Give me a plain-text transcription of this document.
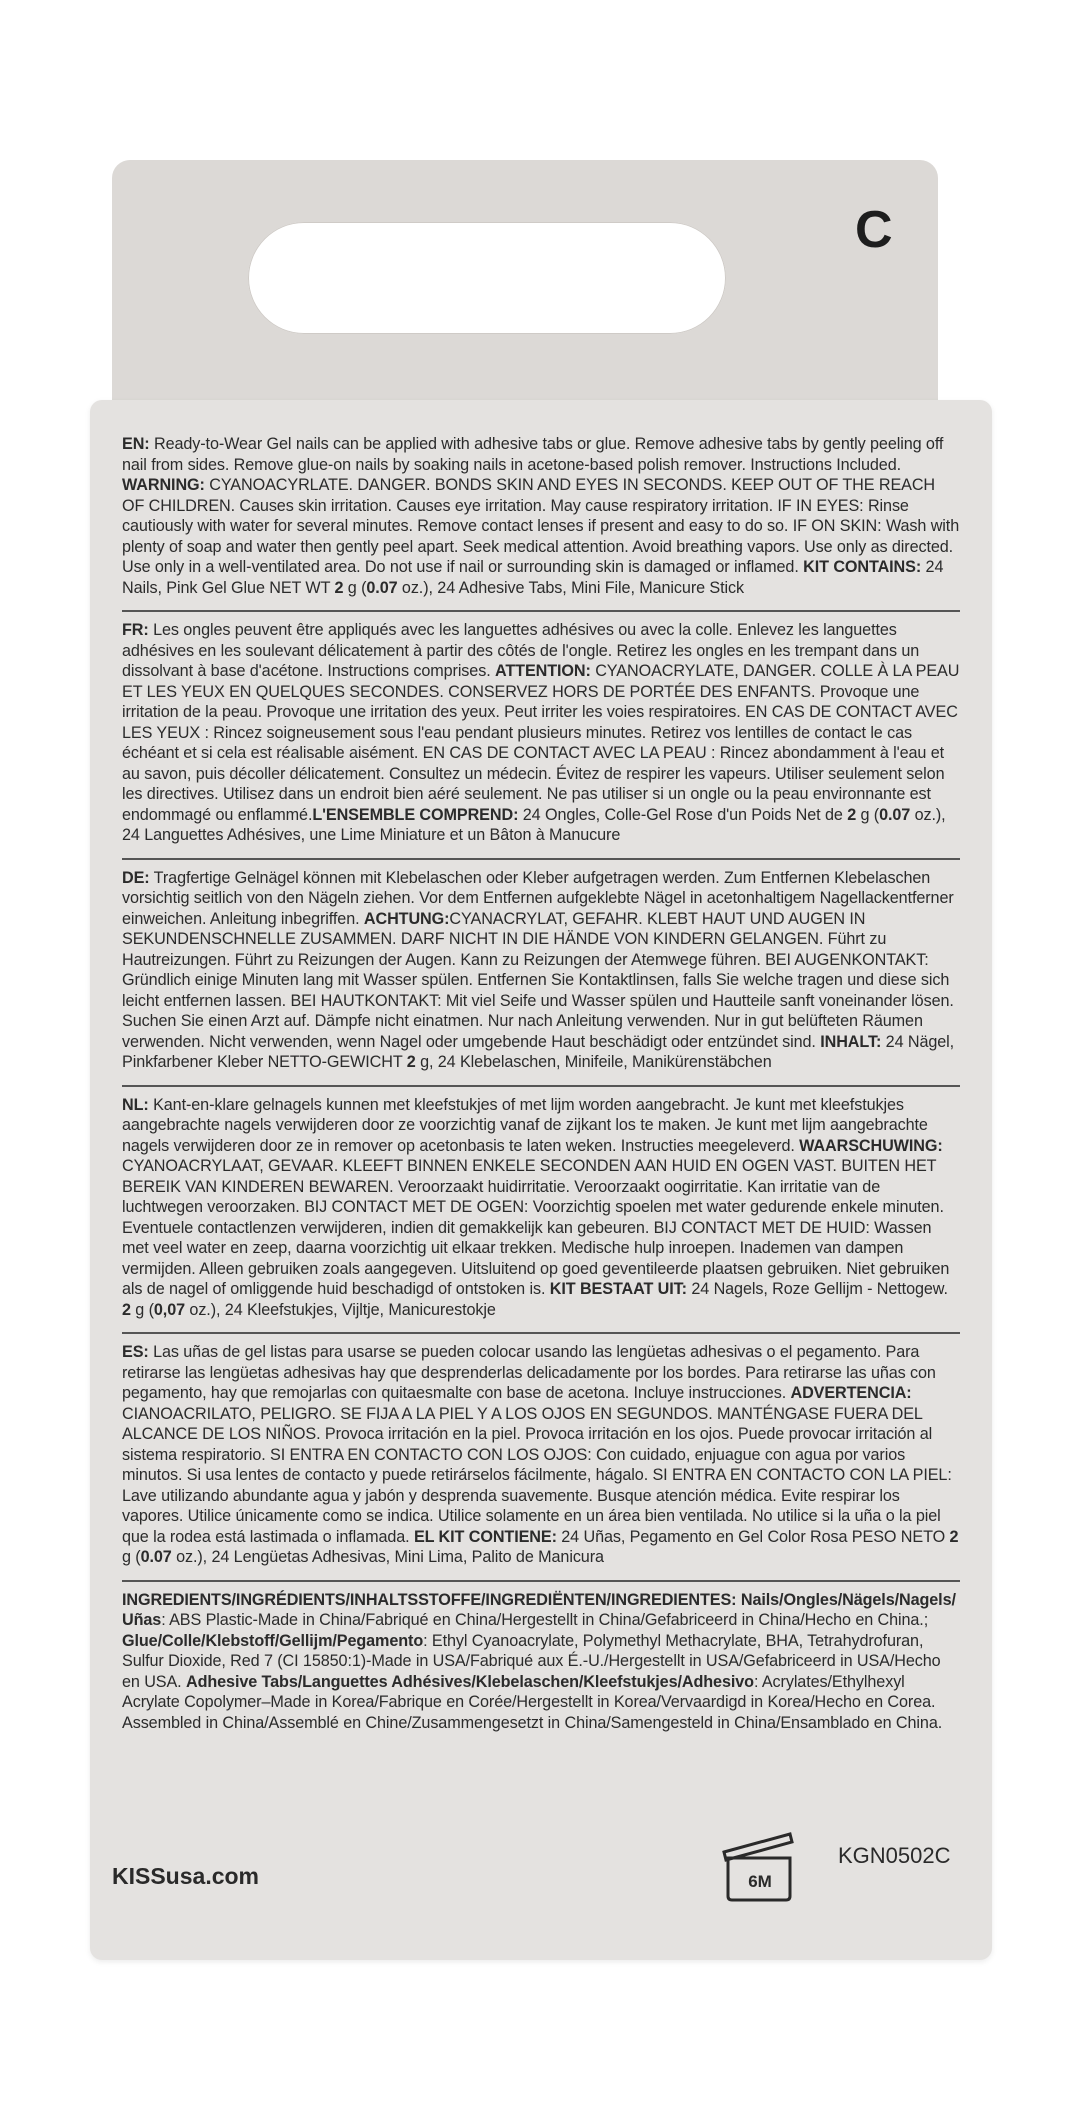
C
EN: Ready-to-Wear Gel nails can be applied with adhesive tabs or glue. Remove adhesive tabs by gently peeling off nail from sides. Remove glue-on nails by soaking nails in acetone-based polish remover. Instructions Included. WARNING: CYANOACYRLATE. DANGER. BONDS SKIN AND EYES IN SECONDS. KEEP OUT OF THE REACH OF CHILDREN. Causes skin irritation. Causes eye irritation. May cause respiratory irritation. IF IN EYES: Rinse cautiously with water for several minutes. Remove contact lenses if present and easy to do so. IF ON SKIN: Wash with plenty of soap and water then gently peel apart. Seek medical attention. Avoid breathing vapors. Use only as directed. Use only in a well-ventilated area. Do not use if nail or surrounding skin is damaged or inflamed. KIT CONTAINS: 24 Nails, Pink Gel Glue NET WT 2 g (0.07 oz.), 24 Adhesive Tabs, Mini File, Manicure Stick
FR: Les ongles peuvent être appliqués avec les languettes adhésives ou avec la colle. Enlevez les languettes adhésives en les soulevant délicatement à partir des côtés de l'ongle. Retirez les ongles en les trempant dans un dissolvant à base d'acétone. Instructions comprises. ATTENTION: CYANOACRYLATE, DANGER. COLLE À LA PEAU ET LES YEUX EN QUELQUES SECONDES. CONSERVEZ HORS DE PORTÉE DES ENFANTS. Provoque une irritation de la peau. Provoque une irritation des yeux. Peut irriter les voies respiratoires. EN CAS DE CONTACT AVEC LES YEUX : Rincez soigneusement sous l'eau pendant plusieurs minutes. Retirez vos lentilles de contact le cas échéant et si cela est réalisable aisément. EN CAS DE CONTACT AVEC LA PEAU : Rincez abondamment à l'eau et au savon, puis décoller délicatement. Consultez un médecin. Évitez de respirer les vapeurs. Utiliser seulement selon les directives. Utilisez dans un endroit bien aéré seulement. Ne pas utiliser si un ongle ou la peau environnante est endommagé ou enflammé.L'ENSEMBLE COMPREND: 24 Ongles, Colle-Gel Rose d'un Poids Net de 2 g (0.07 oz.), 24 Languettes Adhésives, une Lime Miniature et un Bâton à Manucure
DE: Tragfertige Gelnägel können mit Klebelaschen oder Kleber aufgetragen werden. Zum Entfernen Klebelaschen vorsichtig seitlich von den Nägeln ziehen. Vor dem Entfernen aufgeklebte Nägel in acetonhaltigem Nagellackentferner einweichen. Anleitung inbegriffen. ACHTUNG:CYANACRYLAT, GEFAHR. KLEBT HAUT UND AUGEN IN SEKUNDENSCHNELLE ZUSAMMEN. DARF NICHT IN DIE HÄNDE VON KINDERN GELANGEN. Führt zu Hautreizungen. Führt zu Reizungen der Augen. Kann zu Reizungen der Atemwege führen. BEI AUGENKONTAKT: Gründlich einige Minuten lang mit Wasser spülen. Entfernen Sie Kontaktlinsen, falls Sie welche tragen und diese sich leicht entfernen lassen. BEI HAUTKONTAKT: Mit viel Seife und Wasser spülen und Hautteile sanft voneinander lösen. Suchen Sie einen Arzt auf. Dämpfe nicht einatmen. Nur nach Anleitung verwenden. Nur in gut belüfteten Räumen verwenden. Nicht verwenden, wenn Nagel oder umgebende Haut beschädigt oder entzündet sind. INHALT: 24 Nägel, Pinkfarbener Kleber NETTO-GEWICHT 2 g, 24 Klebelaschen, Minifeile, Manikürenstäbchen
NL: Kant-en-klare gelnagels kunnen met kleefstukjes of met lijm worden aangebracht. Je kunt met kleefstukjes aangebrachte nagels verwijderen door ze voorzichtig vanaf de zijkant los te maken. Je kunt met lijm aangebrachte nagels verwijderen door ze in remover op acetonbasis te laten weken. Instructies meegeleverd. WAARSCHUWING: CYANOACRYLAAT, GEVAAR. KLEEFT BINNEN ENKELE SECONDEN AAN HUID EN OGEN VAST. BUITEN HET BEREIK VAN KINDEREN BEWAREN. Veroorzaakt huidirritatie. Veroorzaakt oogirritatie. Kan irritatie van de luchtwegen veroorzaken. BIJ CONTACT MET DE OGEN: Voorzichtig spoelen met water gedurende enkele minuten. Eventuele contactlenzen verwijderen, indien dit gemakkelijk kan gebeuren. BIJ CONTACT MET DE HUID: Wassen met veel water en zeep, daarna voorzichtig uit elkaar trekken. Medische hulp inroepen. Inademen van dampen vermijden. Alleen gebruiken zoals aangegeven. Uitsluitend op goed geventileerde plaatsen gebruiken. Niet gebruiken als de nagel of omliggende huid beschadigd of ontstoken is. KIT BESTAAT UIT: 24 Nagels, Roze Gellijm - Nettogew. 2 g (0,07 oz.), 24 Kleefstukjes, Vijltje, Manicurestokje
ES: Las uñas de gel listas para usarse se pueden colocar usando las lengüetas adhesivas o el pegamento. Para retirarse las lengüetas adhesivas hay que desprenderlas delicadamente por los bordes. Para retirarse las uñas con pegamento, hay que remojarlas con quitaesmalte con base de acetona. Incluye instrucciones. ADVERTENCIA: CIANOACRILATO, PELIGRO. SE FIJA A LA PIEL Y A LOS OJOS EN SEGUNDOS. MANTÉNGASE FUERA DEL ALCANCE DE LOS NIÑOS. Provoca irritación en la piel. Provoca irritación en los ojos. Puede provocar irritación al sistema respiratorio. SI ENTRA EN CONTACTO CON LOS OJOS: Con cuidado, enjuague con agua por varios minutos. Si usa lentes de contacto y puede retirárselos fácilmente, hágalo. SI ENTRA EN CONTACTO CON LA PIEL: Lave utilizando abundante agua y jabón y desprenda suavemente. Busque atención médica. Evite respirar los vapores. Utilice únicamente como se indica. Utilice solamente en un área bien ventilada. No utilice si la uña o la piel que la rodea está lastimada o inflamada. EL KIT CONTIENE: 24 Uñas, Pegamento en Gel Color Rosa PESO NETO 2 g (0.07 oz.), 24 Lengüetas Adhesivas, Mini Lima, Palito de Manicura
INGREDIENTS/INGRÉDIENTS/INHALTSSTOFFE/INGREDIËNTEN/INGREDIENTES: Nails/Ongles/Nägels/Nagels/ Uñas: ABS Plastic-Made in China/Fabriqué en China/Hergestellt in China/Gefabriceerd in China/Hecho en China.; Glue/Colle/Klebstoff/Gellijm/Pegamento: Ethyl Cyanoacrylate, Polymethyl Methacrylate, BHA, Tetrahydrofuran, Sulfur Dioxide, Red 7 (CI 15850:1)-Made in USA/Fabriqué aux É.-U./Hergestellt in USA/Gefabriceerd in USA/Hecho en USA. Adhesive Tabs/Languettes Adhésives/Klebelaschen/Kleefstukjes/Adhesivo: Acrylates/Ethylhexyl Acrylate Copolymer–Made in Korea/Fabrique en Corée/Hergestellt in Korea/Vervaardigd in Korea/Hecho en Corea.
Assembled in China/Assemblé en Chine/Zusammengesetzt in China/Samengesteld in China/Ensamblado en China.
KISSusa.com	6M
KGN0502C
